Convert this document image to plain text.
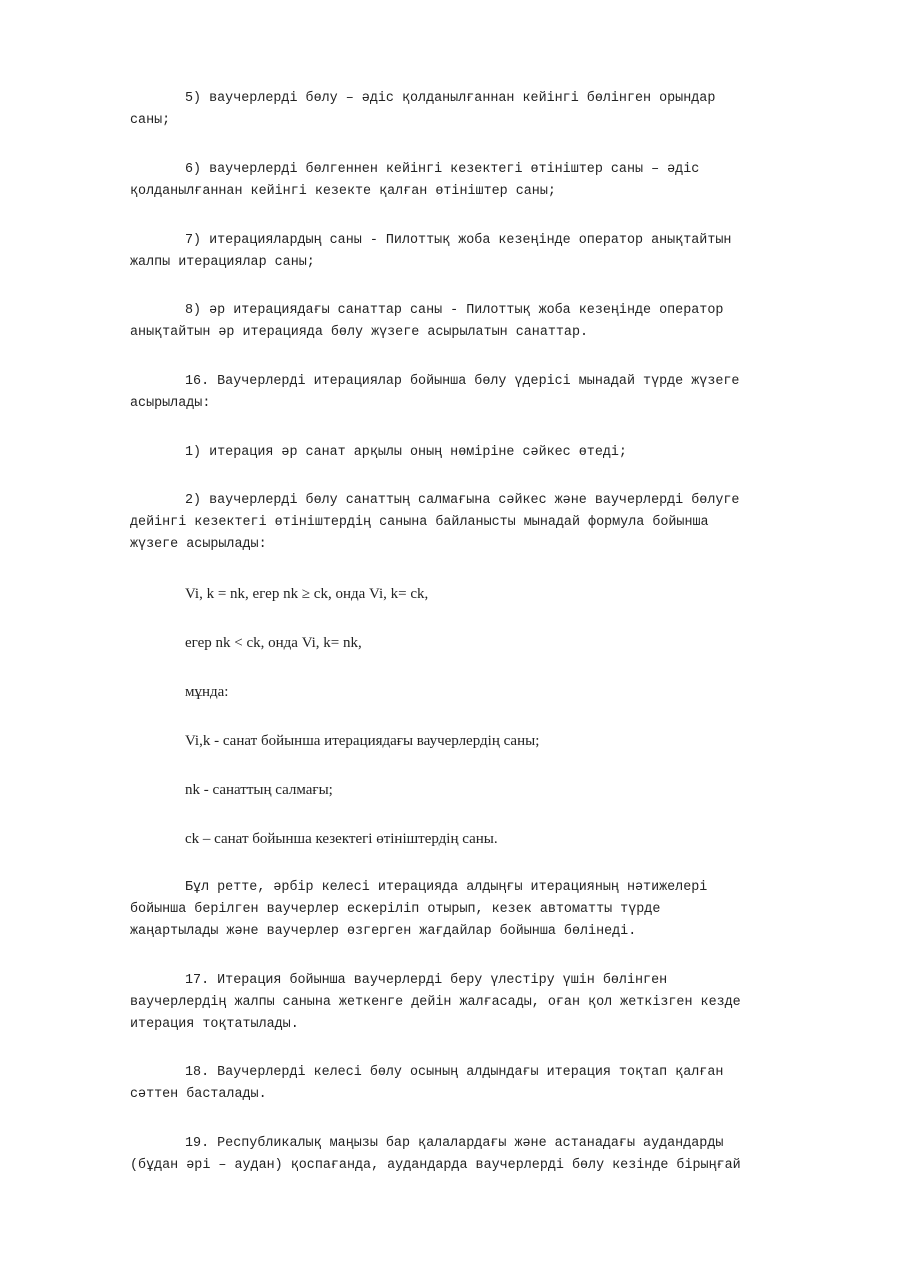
5) ваучерлерді бөлу – әдіс қолданылғаннан кейінгі бөлінген орындар
саны;

6) ваучерлерді бөлгеннен кейінгі кезектегі өтініштер саны – әдіс
қолданылғаннан кейінгі кезекте қалған өтініштер саны;

7) итерациялардың саны - Пилоттық жоба кезеңінде оператор анықтайтын
жалпы итерациялар саны;

8) әр итерациядағы санаттар саны - Пилоттық жоба кезеңінде оператор
анықтайтын әр итерацияда бөлу жүзеге асырылатын санаттар.

16. Ваучерлерді итерациялар бойынша бөлу үдерісі мынадай түрде жүзеге
асырылады:

1) итерация әр санат арқылы оның нөміріне сәйкес өтеді;

2) ваучерлерді бөлу санаттың салмағына сәйкес және ваучерлерді бөлуге
дейінгі кезектегі өтініштердің санына байланысты мынадай формула бойынша
жүзеге асырылады:

Vi, k = nk, егер nk ≥ ck, онда Vi, k= ck,

егер nk < ck, онда Vi, k= nk,

мұнда:

Vi,k - санат бойынша итерациядағы ваучерлердің саны;

nk - санаттың салмағы;

ck – санат бойынша кезектегі өтініштердің саны.

Бұл ретте, әрбір келесі итерацияда алдыңғы итерацияның нәтижелері
бойынша берілген ваучерлер ескеріліп отырып, кезек автоматты түрде
жаңартылады және ваучерлер өзгерген жағдайлар бойынша бөлінеді.

17. Итерация бойынша ваучерлерді беру үлестіру үшін бөлінген
ваучерлердің жалпы санына жеткенге дейін жалғасады, оған қол жеткізген кезде
итерация тоқтатылады.

18. Ваучерлерді келесі бөлу осының алдындағы итерация тоқтап қалған
сәттен басталады.

19. Республикалық маңызы бар қалалардағы және астанадағы аудандарды
(бұдан әрі – аудан) қоспағанда, аудандарда ваучерлерді бөлу кезінде бірыңғай
